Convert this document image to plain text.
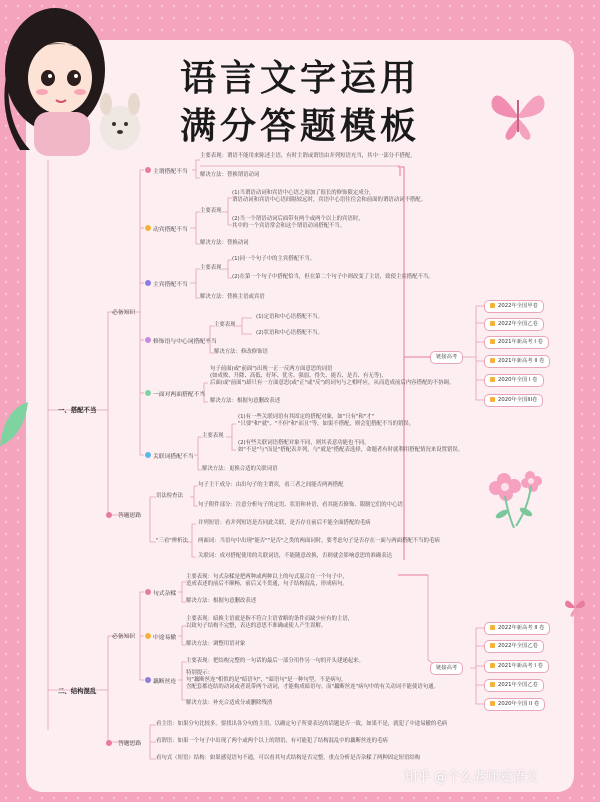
语言文字运用
满分答题模板
一、搭配不当
必备知识
答题思路
主谓搭配不当
主要表现：谓语不能用来陈述主语，有时主谓或谓语由并列短语充当，其中一部分不搭配。
解决方法：替换谓语动词
动宾搭配不当
主要表现
(1)当谓语动词和宾语中心语之间加了很长的修饰限定成分，
谓语动词和宾语中心语间隔较远时，宾语中心语往往会和前面的谓语动词不搭配。
(2)当一个谓语动词后面带有两个或两个以上的宾语时，
其中的一个宾语常会和这个谓语动词搭配不当。
解决方法：替换动词
主宾搭配不当
主要表现
(1)同一个句子中的主宾搭配不当。
(2)在第一个句子中搭配恰当，但在第二个句子中则改变了主语，致使主宾搭配不当。
解决方法：替换主语或宾语
修饰语与中心词搭配不当
主要表现
(1)定语和中心语搭配不当。
(2)状语和中心语搭配不当。
解决方法：修改修饰语
一面对两面搭配不当
句子前面(或"前面")出现一正一反两方面意思的词语
(如成败、升降、高低、好坏、优劣、强弱、得失、能否、是否、有无等)，
后面(或"前面")却只有一方面意思(或"正"或"反")的词句与之相呼应，从而造成前后内容搭配的不协调。
解决方法：根据句意删改表述
关联词搭配不当
主要表现
(1)有一些关联词语有其固定的搭配对象，如"只有"和"才"
"只要"和"就"、"不但"和"而且"等，如果不搭配，则会犯搭配不当的错误。
(2)有些关联词语搭配对象不同，则其表意功能也不同。
如"不是"与"而是"搭配表并列，与"就是"搭配表选择，命题者有时就利用搭配情况来设置错误。
解决方法：更换合适的关联词语
语法检查法
句子主干成分：由出句子的主谓宾，看三者之间能否两两搭配
句子附件部分：注意分析句子的定语、状语和补语，看其能否修饰、限制它们的中心语
"三看"辨析法
并列短语：看并列短语是否同此关联，是否存在前后不能全面搭配的毛病
两面词：当语句中出现"能否""是否"之类的两面词时，要考虑句子是否存在一面与两面搭配不当的毛病
关联词：成对搭配使用的关联词语，不能随意改换，否则就会影响意思的准确表达
链接高考
2022年全国甲卷
2022年全国乙卷
2021年新高考 I 卷
2021年新高考 II 卷
2020年全国 I 卷
2020年全国III卷
二、结构混乱
必备知识
答题思路
句式杂糅
主要表现：句式杂糅是把两种或两种以上的句式混合在一个句子中，
造成表述的前后不顺畅，前后又不贯通，句子结构混乱，形成病句。
解决方法：根据句意删改表述
中途易辙
主要表现：暗换主语就是指不符合主语省略的条件而缺少应有的主语，
以致句子结构不完整，表达的意思不准确或使人产生误解。
解决方法：调整用语对象
藕断丝连
主要表现：把结构完整的一句话的最后一部分用作另一句的开头建递起来。
特别提示：
句"藕断丝连"相似的是"暗语句"，"暗语句"是一种句型，不是病句。
含配套都连结的动词或者说带两个动词，才能构成暗语句。而"藕断丝连"病句中的有关动词不能使语句通。
解决方法：补充合适成分或删除残渣
看主语：如果分句比较多，要找出各分句的主语，以确定句子所要表达的话题是否一致，如果不是，就犯了中途易辙的毛病
看谓语：如果一个句子中出现了两个或两个以上的谓语，有可能犯了结构混乱中的藕断丝连的毛病
看句式（短语）结构：如果感觉语句不通，可以看其句式结构是否完整，重点分析是否杂糅了两种固定短语结构
链接高考
2022年新高考 II 卷
2022年全国乙卷
2021年新高考 I 卷
2021年全国乙卷
2020年全国 II 卷
知乎 @个么老师爱语文
